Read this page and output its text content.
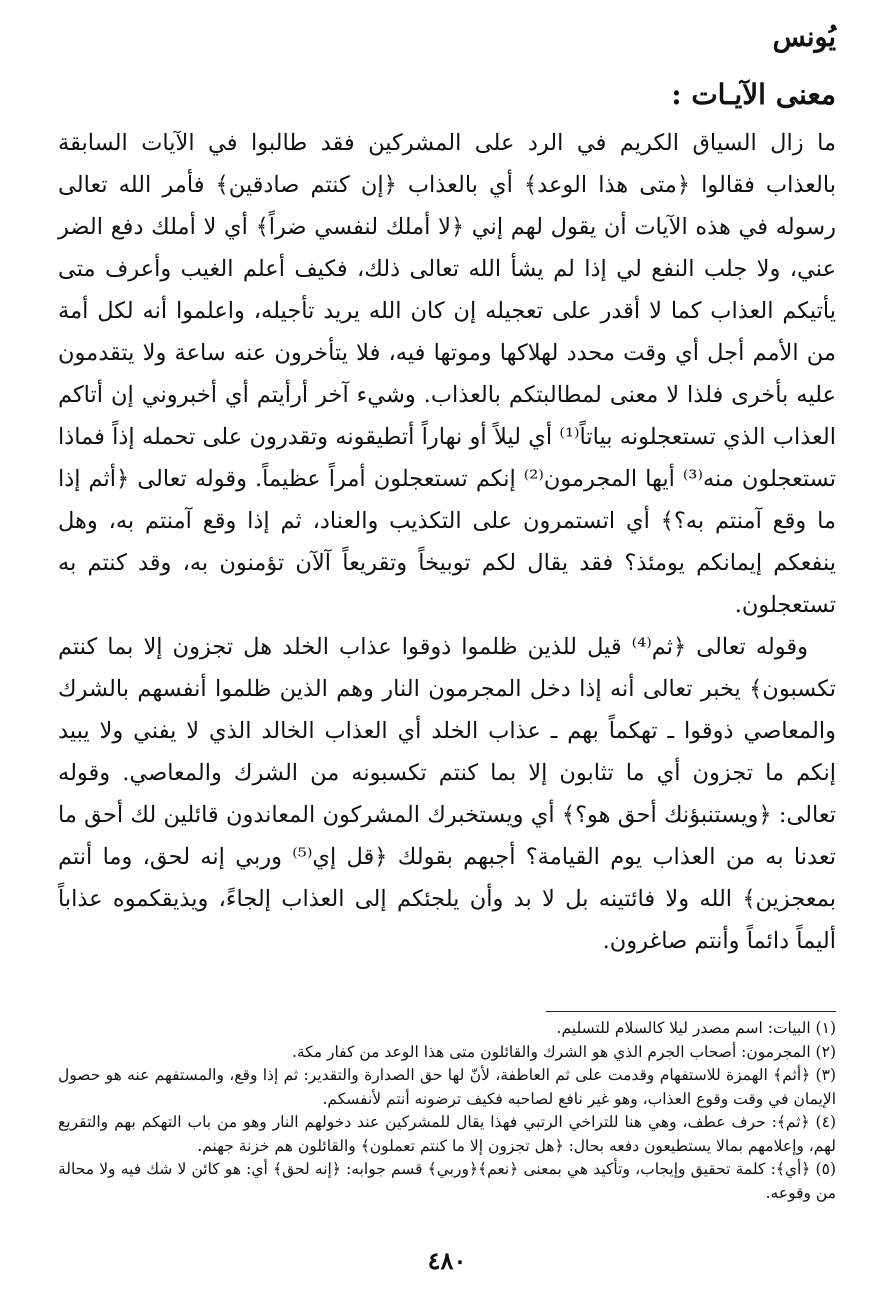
يُونس
معنى الآيـات :

ما زال السياق الكريم في الرد على المشركين فقد طالبوا في الآيات السابقة بالعذاب فقالوا ﴿متى هذا الوعد﴾ أي بالعذاب ﴿إن كنتم صادقين﴾ فأمر الله تعالى رسوله في هذه الآيات أن يقول لهم إني ﴿لا أملك لنفسي ضراً﴾ أي لا أملك دفع الضر عني، ولا جلب النفع لي إذا لم يشأ الله تعالى ذلك، فكيف أعلم الغيب وأعرف متى يأتيكم العذاب كما لا أقدر على تعجيله إن كان الله يريد تأجيله، واعلموا أنه لكل أمة من الأمم أجل أي وقت محدد لهلاكها وموتها فيه، فلا يتأخرون عنه ساعة ولا يتقدمون عليه بأخرى فلذا لا معنى لمطالبتكم بالعذاب. وشيء آخر أرأيتم أي أخبروني إن أتاكم العذاب الذي تستعجلونه بياتاً⁽¹⁾ أي ليلاً أو نهاراً أتطيقونه وتقدرون على تحمله إذاً فماذا تستعجلون منه⁽³⁾ أيها المجرمون⁽²⁾ إنكم تستعجلون أمراً عظيماً. وقوله تعالى ﴿أثم إذا ما وقع آمنتم به؟﴾ أي اتستمرون على التكذيب والعناد، ثم إذا وقع آمنتم به، وهل ينفعكم إيمانكم يومئذ؟ فقد يقال لكم توبيخاً وتقريعاً آلآن تؤمنون به، وقد كنتم به تستعجلون.

وقوله تعالى ﴿ثم⁽⁴⁾ قيل للذين ظلموا ذوقوا عذاب الخلد هل تجزون إلا بما كنتم تكسبون﴾ يخبر تعالى أنه إذا دخل المجرمون النار وهم الذين ظلموا أنفسهم بالشرك والمعاصي ذوقوا ـ تهكماً بهم ـ عذاب الخلد أي العذاب الخالد الذي لا يفني ولا يبيد إنكم ما تجزون أي ما تثابون إلا بما كنتم تكسبونه من الشرك والمعاصي. وقوله تعالى: ﴿ويستنبؤنك أحق هو؟﴾ أي ويستخبرك المشركون المعاندون قائلين لك أحق ما تعدنا به من العذاب يوم القيامة؟ أجبهم بقولك ﴿قل إي⁽⁵⁾ وربي إنه لحق، وما أنتم بمعجزين﴾ الله ولا فائتينه بل لا بد وأن يلجئكم إلى العذاب إلجاءً، ويذيقكموه عذاباً أليماً دائماً وأنتم صاغرون.

(١) البيات: اسم مصدر ليلا كالسلام للتسليم.

(٢) المجرمون: أصحاب الجرم الذي هو الشرك والقائلون متى هذا الوعد من كفار مكة.

(٣) ﴿أثم﴾ الهمزة للاستفهام وقدمت على ثم العاطفة، لأنّ لها حق الصدارة والتقدير: ثم إذا وقع، والمستفهم عنه هو حصول الإيمان في وقت وقوع العذاب، وهو غير نافع لصاحبه فكيف ترضونه أنتم لأنفسكم.

(٤) ﴿ثم﴾: حرف عطف، وهي هنا للتراخي الرتبي فهذا يقال للمشركين عند دخولهم النار وهو من باب التهكم بهم والتقريع لهم، وإعلامهم بمالا يستطيعون دفعه بحال: ﴿هل تجزون إلا ما كنتم تعملون﴾ والقائلون هم خزنة جهنم.

(٥) ﴿أي﴾: كلمة تحقيق وإيجاب، وتأكيد هي بمعنى ﴿نعم﴾﴿وربي﴾ قسم جوابه: ﴿إنه لحق﴾ أي: هو كائن لا شك فيه ولا محالة من وقوعه.

٤٨٠
